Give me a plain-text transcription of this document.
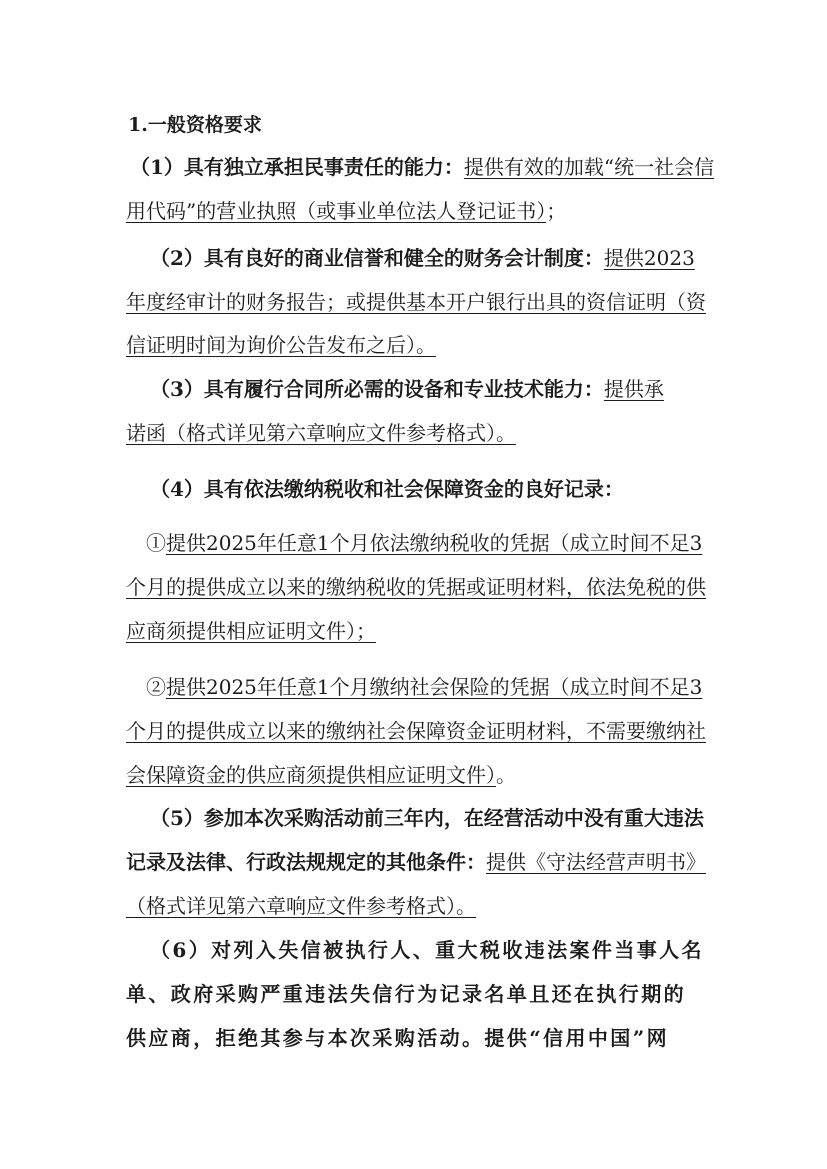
1.一般资格要求
（1）具有独立承担民事责任的能力：提供有效的加载“统一社会信
用代码”的营业执照（或事业单位法人登记证书）；
（2）具有良好的商业信誉和健全的财务会计制度：提供2023
年度经审计的财务报告；或提供基本开户银行出具的资信证明（资
信证明时间为询价公告发布之后）。
（3）具有履行合同所必需的设备和专业技术能力：提供承
诺函（格式详见第六章响应文件参考格式）。
（4）具有依法缴纳税收和社会保障资金的良好记录：
①提供2025年任意1个月依法缴纳税收的凭据（成立时间不足3
个月的提供成立以来的缴纳税收的凭据或证明材料，依法免税的供
应商须提供相应证明文件）；
②提供2025年任意1个月缴纳社会保险的凭据（成立时间不足3
个月的提供成立以来的缴纳社会保障资金证明材料，不需要缴纳社
会保障资金的供应商须提供相应证明文件）。
（5）参加本次采购活动前三年内，在经营活动中没有重大违法
记录及法律、行政法规规定的其他条件：提供《守法经营声明书》
（格式详见第六章响应文件参考格式）。
（6）对列入失信被执行人、重大税收违法案件当事人名
单、政府采购严重违法失信行为记录名单且还在执行期的
供应商，拒绝其参与本次采购活动。提供“信用中国”网
